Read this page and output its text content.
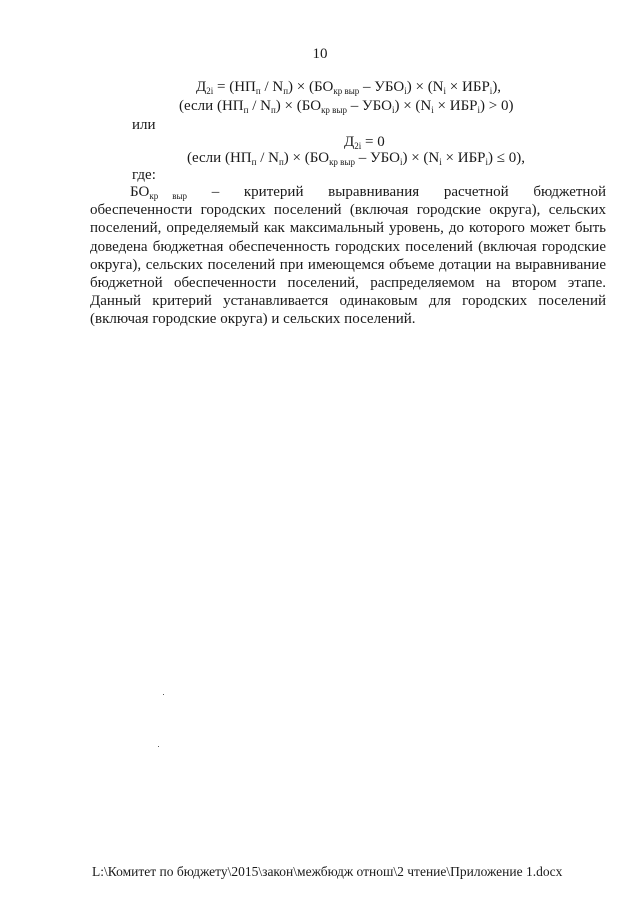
10
$Д_{2i} = (НП_п / N_п) \times (БО_{кр выр} - УБО_i) \times (N_i \times ИБР_i)$,
(если $(НП_п / N_п) \times (БО_{кр выр} - УБО_i) \times (N_i \times ИБР_i) > 0$)
или
$Д_{2i} = 0$
(если $(НП_п / N_п) \times (БО_{кр выр} - УБО_i) \times (N_i \times ИБР_i) \le 0$),
где:
$БО_{кр}$ $_{выр}$ – критерий выравнивания расчетной бюджетной
обеспеченности городских поселений (включая городские округа), сельских поселений, определяемый как максимальный уровень, до которого может быть доведена бюджетная обеспеченность городских поселений (включая городские округа), сельских поселений при имеющемся объеме дотации на выравнивание бюджетной обеспеченности поселений, распределяемом на втором этапе. Данный критерий устанавливается одинаковым для городских поселений (включая городские округа) и сельских поселений.
L:\Комитет по бюджету\2015\закон\межбюдж отнош\2 чтение\Приложение 1.docx
